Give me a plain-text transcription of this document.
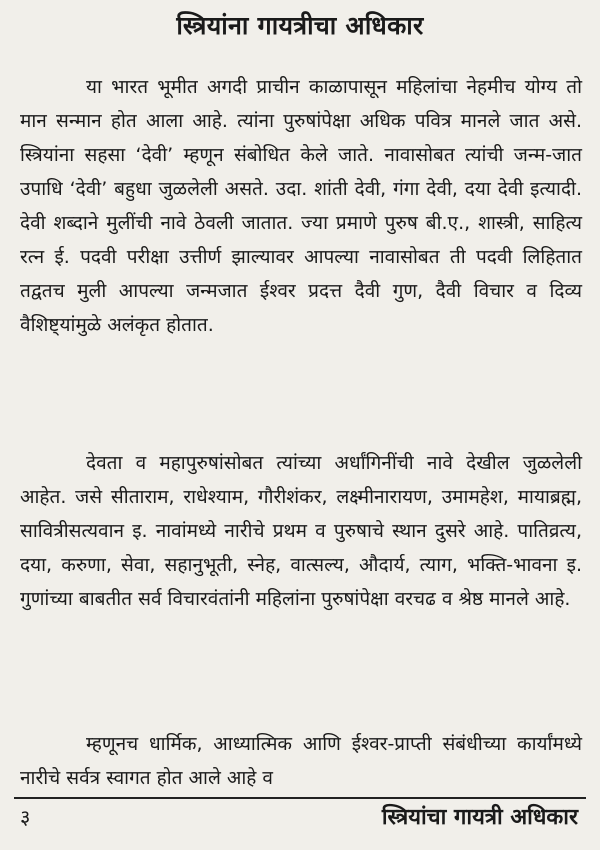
स्त्रियांना गायत्रीचा अधिकार

या भारत भूमीत अगदी प्राचीन काळापासून महिलांचा नेहमीच योग्य तो मान सन्मान होत आला आहे. त्यांना पुरुषांपेक्षा अधिक पवित्र मानले जात असे. स्त्रियांना सहसा ‘देवी’ म्हणून संबोधित केले जाते. नावासोबत त्यांची जन्म-जात उपाधि ‘देवी’ बहुधा जुळलेली असते. उदा. शांती देवी, गंगा देवी, दया देवी इत्यादी. देवी शब्दाने मुलींची नावे ठेवली जातात. ज्या प्रमाणे पुरुष बी.ए., शास्त्री, साहित्य रत्न ई. पदवी परीक्षा उत्तीर्ण झाल्यावर आपल्या नावासोबत ती पदवी लिहितात तद्वतच मुली आपल्या जन्मजात ईश्वर प्रदत्त दैवी गुण, दैवी विचार व दिव्य वैशिष्ट्यांमुळे अलंकृत होतात.

देवता व महापुरुषांसोबत त्यांच्या अर्धांगिनींची नावे देखील जुळलेली आहेत. जसे सीताराम, राधेश्याम, गौरीशंकर, लक्ष्मीनारायण, उमामहेश, मायाब्रह्म, सावित्रीसत्यवान इ. नावांमध्ये नारीचे प्रथम व पुरुषाचे स्थान दुसरे आहे. पातिव्रत्य, दया, करुणा, सेवा, सहानुभूती, स्नेह, वात्सल्य, औदार्य, त्याग, भक्ति-भावना इ. गुणांच्या बाबतीत सर्व विचारवंतांनी महिलांना पुरुषांपेक्षा वरचढ व श्रेष्ठ मानले आहे.

म्हणूनच धार्मिक, आध्यात्मिक आणि ईश्वर-प्राप्ती संबंधीच्या कार्यांमध्ये नारीचे सर्वत्र स्वागत होत आले आहे व

३	स्त्रियांचा गायत्री अधिकार
